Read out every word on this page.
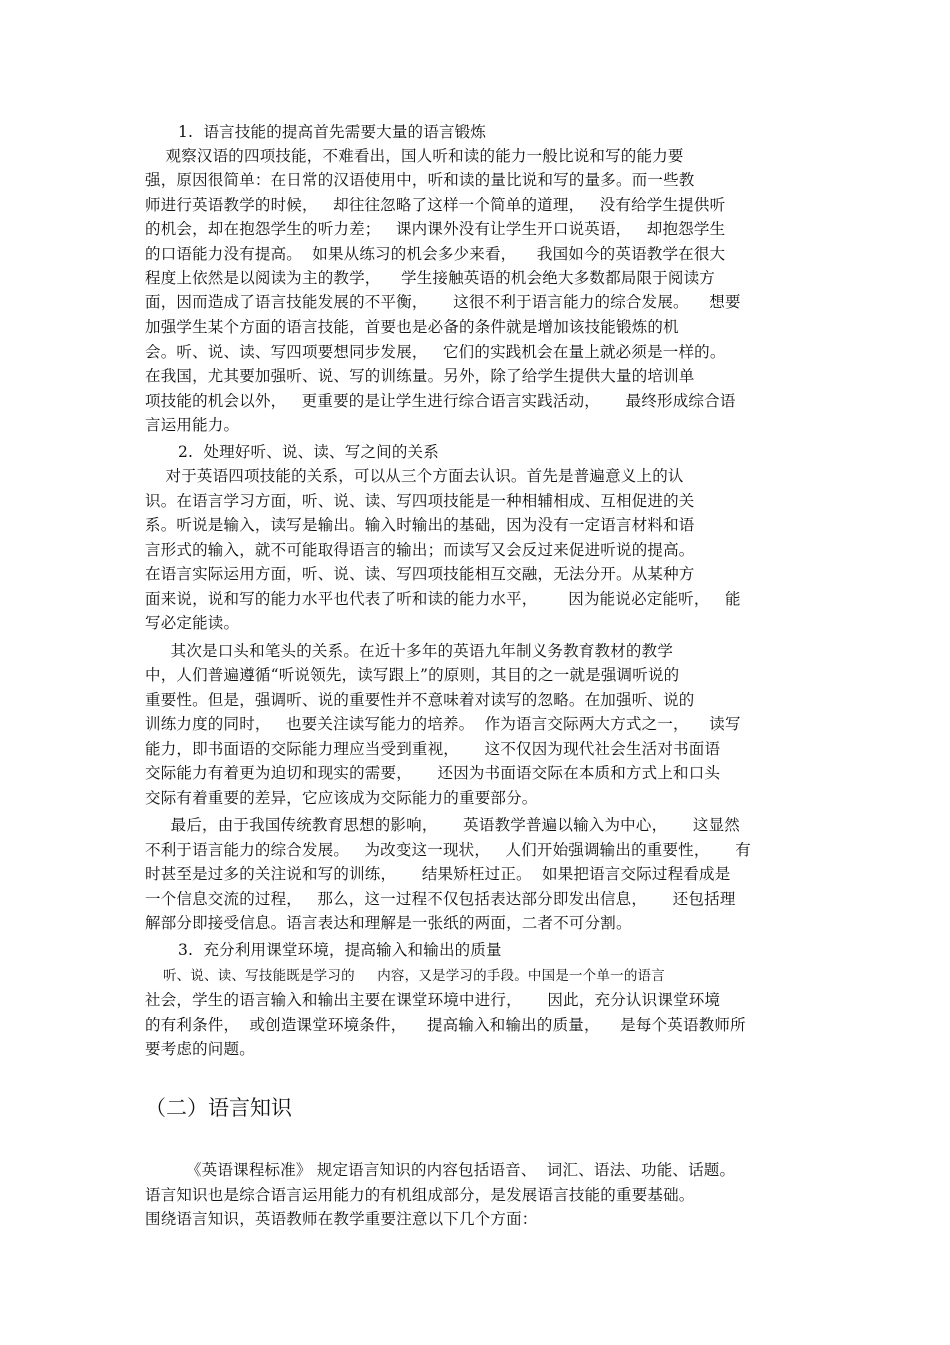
1.  语言技能的提高首先需要大量的语言锻炼

观察汉语的四项技能，不难看出，国人听和读的能力一般比说和写的能力要

强，原因很简单：在日常的汉语使用中，听和读的量比说和写的量多。而一些教

师进行英语教学的时候，   却往往忽略了这样一个简单的道理，   没有给学生提供听

的机会，却在抱怨学生的听力差；   课内课外没有让学生开口说英语，   却抱怨学生

的口语能力没有提高。  如果从练习的机会多少来看，    我国如今的英语教学在很大

程度上依然是以阅读为主的教学，    学生接触英语的机会绝大多数都局限于阅读方

面，因而造成了语言技能发展的不平衡，     这很不利于语言能力的综合发展。    想要

加强学生某个方面的语言技能，首要也是必备的条件就是增加该技能锻炼的机

会。听、说、读、写四项要想同步发展，   它们的实践机会在量上就必须是一样的。

在我国，尤其要加强听、说、写的训练量。另外，除了给学生提供大量的培训单

项技能的机会以外，   更重要的是让学生进行综合语言实践活动，     最终形成综合语

言运用能力。

2.  处理好听、说、读、写之间的关系

对于英语四项技能的关系，可以从三个方面去认识。首先是普遍意义上的认

识。在语言学习方面，听、说、读、写四项技能是一种相辅相成、互相促进的关

系。听说是输入，读写是输出。输入时输出的基础，因为没有一定语言材料和语

言形式的输入，就不可能取得语言的输出；而读写又会反过来促进听说的提高。

在语言实际运用方面，听、说、读、写四项技能相互交融，无法分开。从某种方

面来说，说和写的能力水平也代表了听和读的能力水平，      因为能说必定能听，   能

写必定能读。

其次是口头和笔头的关系。在近十多年的英语九年制义务教育教材的教学

中，人们普遍遵循“听说领先，读写跟上”的原则，其目的之一就是强调听说的

重要性。但是，强调听、说的重要性并不意味着对读写的忽略。在加强听、说的

训练力度的同时，   也要关注读写能力的培养。  作为语言交际两大方式之一，    读写

能力，即书面语的交际能力理应当受到重视，     这不仅因为现代社会生活对书面语

交际能力有着更为迫切和现实的需要，     还因为书面语交际在本质和方式上和口头

交际有着重要的差异，它应该成为交际能力的重要部分。

最后，由于我国传统教育思想的影响，     英语教学普遍以输入为中心，     这显然

不利于语言能力的综合发展。   为改变这一现状，   人们开始强调输出的重要性，     有

时甚至是过多的关注说和写的训练，     结果矫枉过正。  如果把语言交际过程看成是

一个信息交流的过程，   那么，这一过程不仅包括表达部分即发出信息，     还包括理

解部分即接受信息。语言表达和理解是一张纸的两面，二者不可分割。

3.  充分利用课堂环境，提高输入和输出的质量

听、说、读、写技能既是学习的     内容，又是学习的手段。中国是一个单一的语言

社会，学生的语言输入和输出主要在课堂环境中进行，     因此，充分认识课堂环境

的有利条件，  或创造课堂环境条件，    提高输入和输出的质量，    是每个英语教师所

要考虑的问题。

（二）语言知识

《英语课程标准》 规定语言知识的内容包括语音、  词汇、语法、功能、话题。

语言知识也是综合语言运用能力的有机组成部分，是发展语言技能的重要基础。

围绕语言知识，英语教师在教学重要注意以下几个方面：
